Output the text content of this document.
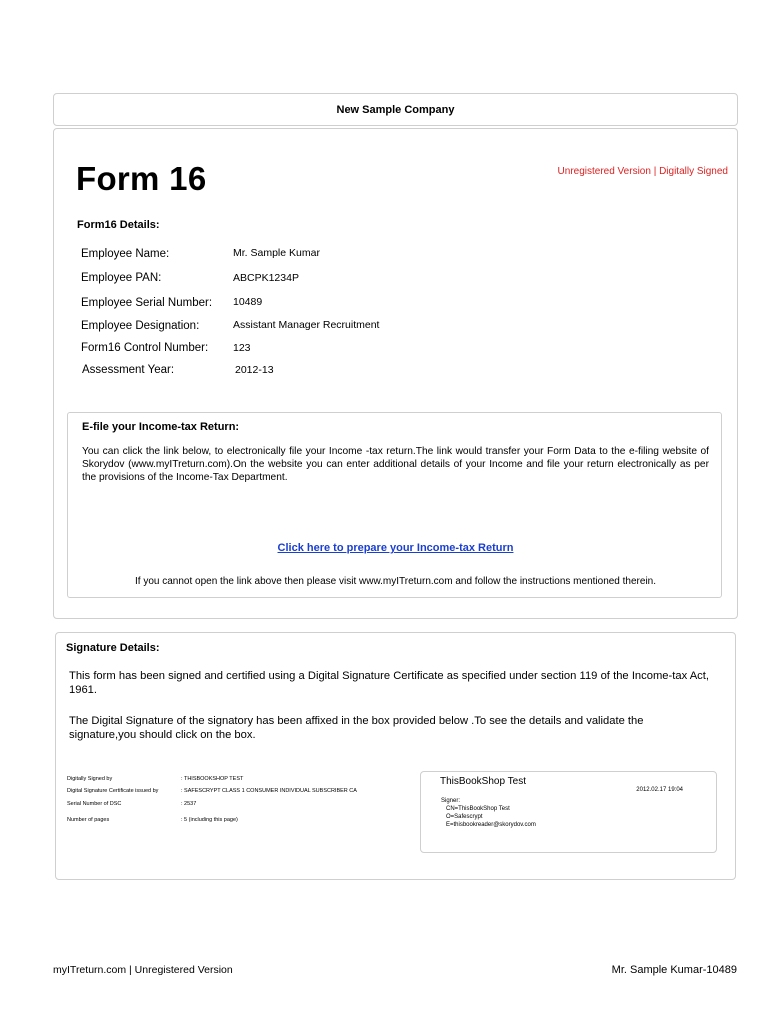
New Sample Company
Form 16	Unregistered Version | Digitally Signed
Form16 Details:
Employee Name:	Mr. Sample Kumar
Employee PAN:	ABCPK1234P
Employee Serial Number: 10489
Employee Designation:	Assistant Manager Recruitment
Form16 Control Number: 123
Assessment Year:	2012-13
E-file your Income-tax Return:
You can click the link below, to electronically file your Income -tax return.The link would transfer your Form Data to the e-filing website of Skorydov (www.myITreturn.com).On the website you can enter additional details of your Income and file your return electronically as per the provisions of the Income-Tax Department.
Click here to prepare your Income-tax Return
If you cannot open the link above then please visit www.myITreturn.com and follow the instructions mentioned therein.
Signature Details:
This form has been signed and certified using a Digital Signature Certificate as specified under section 119 of the Income-tax Act, 1961.
The Digital Signature of the signatory has been affixed in the box provided below .To see the details and validate the signature,you should click on the box.
Digitally Signed by	: THISBOOKSHOP TEST
Digital Signature Certificate issued by	: SAFESCRYPT CLASS 1 CONSUMER INDIVIDUAL SUBSCRIBER CA
Serial Number of DSC	: 2537
Number of pages	: 5 (including this page)
ThisBookShop Test
2012.02.17 19:04
Signer:
CN=ThisBookShop Test
O=Safescrypt
E=thisbookreader@skorydov.com
myITreturn.com | Unregistered Version	Mr. Sample Kumar-10489
